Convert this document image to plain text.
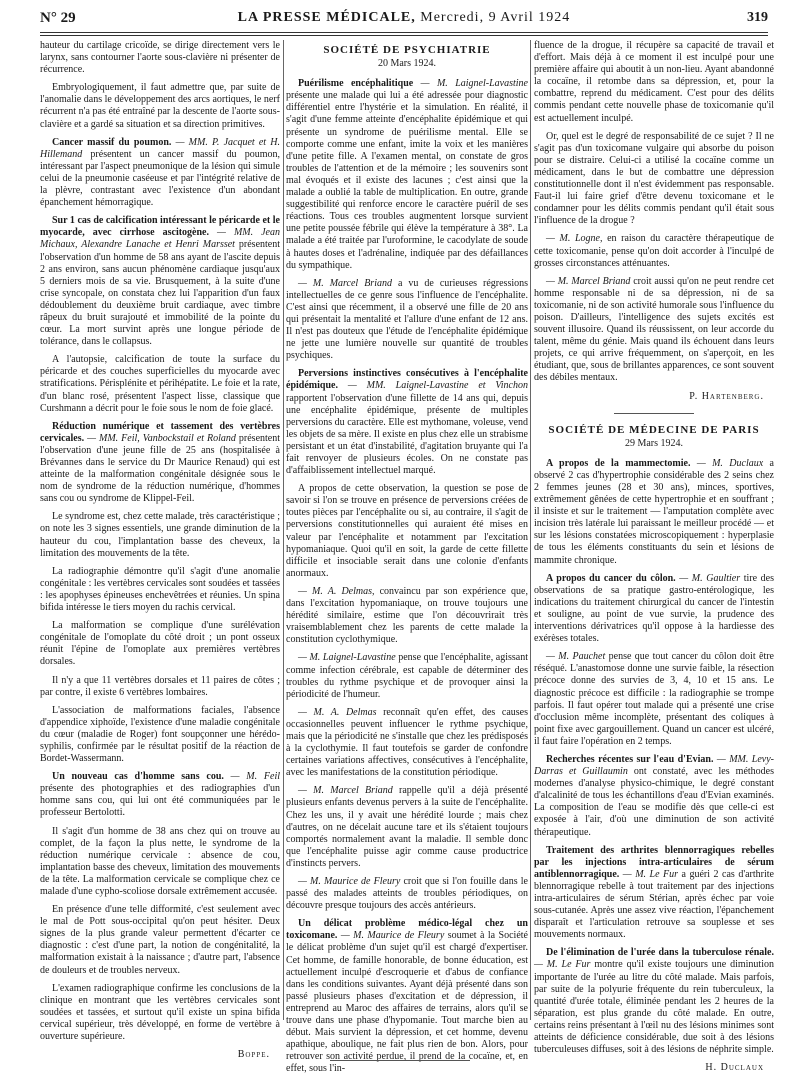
N° 29	LA PRESSE MÉDICALE, Mercredi, 9 Avril 1924	319

hauteur du cartilage cricoïde, se dirige directement vers le larynx, sans contourner l'aorte sous-clavière ni présenter de récurrence.

Embryologiquement, il faut admettre que, par suite de l'anomalie dans le développement des arcs aortiques, le nerf récurrent n'a pas été entraîné par la descente de l'aorte sous-clavière et a gardé sa situation et sa direction primitives.

Cancer massif du poumon. — MM. P. Jacquet et H. Hillemand présentent un cancer massif du poumon, intéressant par l'aspect pneumonique de la lésion qui simule celui de la pneumonie caséeuse et par l'intégrité relative de la plèvre, contrastant avec l'existence d'un abondant épanchement hémorragique.

Sur 1 cas de calcification intéressant le péricarde et le myocarde, avec cirrhose ascitogène. — MM. Jean Michaux, Alexandre Lanache et Henri Marsset présentent l'observation d'un homme de 58 ans ayant de l'ascite depuis 2 ans environ, sans aucun phénomène cardiaque jusqu'aux 5 derniers mois de sa vie. Brusquement, à la suite d'une crise syncopale, on constata chez lui l'apparition d'un faux dédoublement du deuxième bruit cardiaque, avec timbre râpeux du bruit surajouté et immobilité de la pointe du cœur. La mort survint après une longue période de tolérance, dans le collapsus.

A l'autopsie, calcification de toute la surface du péricarde et des couches superficielles du myocarde avec stratifications. Périsplénite et périhépatite. Le foie et la rate, d'un blanc rosé, présentent l'aspect lisse, classique que Curshmann a décrit pour le foie sous le nom de foie glacé.

Réduction numérique et tassement des vertèbres cervicales. — MM. Feil, Vanbockstail et Roland présentent l'observation d'une jeune fille de 25 ans (hospitalisée à Brévannes dans le service du Dr Maurice Renaud) qui est atteinte de la malformation congénitale désignée sous le nom de syndrome de la réduction numérique, d'hommes sans cou ou syndrome de Klippel-Feil.

Le syndrome est, chez cette malade, très caractéristique ; on note les 3 signes essentiels, une grande diminution de la hauteur du cou, l'implantation basse des cheveux, la limitation des mouvements de la tête.

La radiographie démontre qu'il s'agit d'une anomalie congénitale : les vertèbres cervicales sont soudées et tassées : les apophyses épineuses enchevêtrées et réunies. Un spina bifida intéresse le tiers moyen du rachis cervical.

La malformation se complique d'une surélévation congénitale de l'omoplate du côté droit ; un pont osseux réunit l'épine de l'omoplate aux premières vertèbres dorsales.

Il n'y a que 11 vertèbres dorsales et 11 paires de côtes ; par contre, il existe 6 vertèbres lombaires.

L'association de malformations faciales, l'absence d'appendice xiphoïde, l'existence d'une maladie congénitale du cœur (maladie de Roger) font soupçonner une hérédo-syphilis, confirmée par le résultat positif de la réaction de Bordet-Wassermann.

Un nouveau cas d'homme sans cou. — M. Feil présente des photographies et des radiographies d'un homme sans cou, qui lui ont été communiquées par le professeur Bertolotti.

Il s'agit d'un homme de 38 ans chez qui on trouve au complet, de la façon la plus nette, le syndrome de la réduction numérique cervicale : absence de cou, implantation basse des cheveux, limitation des mouvements de la tête. La malformation cervicale se complique chez ce malade d'une cypho-scoliose dorsale extrêmement accusée.

En présence d'une telle difformité, c'est seulement avec le mal de Pott sous-occipital qu'on peut hésiter. Deux signes de la plus grande valeur permettent d'écarter ce diagnostic : c'est d'une part, la notion de congénitalité, la malformation existait à la naissance ; d'autre part, l'absence de douleurs et de troubles nerveux.

L'examen radiographique confirme les conclusions de la clinique en montrant que les vertèbres cervicales sont soudées et tassées, et surtout qu'il existe un spina bifida cervical supérieur, très développé, en forme de vertèbre à ouverture supérieure.

Boppe.
SOCIÉTÉ DE PSYCHIATRIE
20 Mars 1924.

Puérilisme encéphalitique — M. Laignel-Lavastine présente une malade qui lui a été adressée pour diagnostic différentiel entre l'hystérie et la simulation. En réalité, il s'agit d'une femme atteinte d'encéphalite épidémique et qui présente un syndrome de puérilisme mental. Elle se comporte comme une enfant, imite la voix et les manières d'une petite fille. A l'examen mental, on constate de gros troubles de l'attention et de la mémoire ; les souvenirs sont mal évoqués et il existe des lacunes ; c'est ainsi que la malade a oublié la table de multiplication. En outre, grande suggestibilité qui renforce encore le caractère puéril de ses réactions. Tous ces troubles augmentent lorsque survient une petite poussée fébrile qui élève la température à 38°. La malade a été traitée par l'uroformine, le cacodylate de soude à hautes doses et l'adrénaline, indiquée par des défaillances du sympathique.

— M. Marcel Briand a vu de curieuses régressions intellectuelles de ce genre sous l'influence de l'encéphalite. C'est ainsi que récemment, il a observé une fille de 20 ans qui présentait la mentalité et l'allure d'une enfant de 12 ans. Il n'est pas douteux que l'étude de l'encéphalite épidémique ne jette une lumière nouvelle sur quantité de troubles psychiques.

Perversions instinctives consécutives à l'encéphalite épidémique. — MM. Laignel-Lavastine et Vinchon rapportent l'observation d'une fillette de 14 ans qui, depuis une encéphalite épidémique, présente de multiples perversions du caractère. Elle est mythomane, voleuse, vend les objets de sa mère. Il existe en plus chez elle un strabisme persistant et un état d'instabilité, d'agitation bruyante qui l'a fait renvoyer de plusieurs écoles. On ne constate pas d'affaiblissement intellectuel marqué.

A propos de cette observation, la question se pose de savoir si l'on se trouve en présence de perversions créées de toutes pièces par l'encéphalite ou si, au contraire, il s'agit de perversions constitutionnelles qui auraient été mises en valeur par l'encéphalite et notamment par l'excitation hypomaniaque. Quoi qu'il en soit, la garde de cette fillette difficile et insociable serait dans une colonie d'enfants anormaux.

— M. A. Delmas, convaincu par son expérience que, dans l'excitation hypomaniaque, on trouve toujours une hérédité similaire, estime que l'on découvrirait très vraisemblablement chez les parents de cette malade la constitution cyclothymique.

— M. Laignel-Lavastine pense que l'encéphalite, agissant comme infection cérébrale, est capable de déterminer des troubles du rythme psychique et de provoquer ainsi la périodicité de l'humeur.

— M. A. Delmas reconnaît qu'en effet, des causes occasionnelles peuvent influencer le rythme psychique, mais que la périodicité ne s'installe que chez les prédisposés à la cyclothymie. Il faut toutefois se garder de confondre certaines variations affectives, consécutives à l'encéphalite, avec les manifestations de la constitution périodique.

— M. Marcel Briand rappelle qu'il a déjà présenté plusieurs enfants devenus pervers à la suite de l'encéphalite. Chez les uns, il y avait une hérédité lourde ; mais chez d'autres, on ne décelait aucune tare et ils s'étaient toujours comportés normalement avant la maladie. Il semble donc que l'encéphalite puisse agir comme cause productrice d'instincts pervers.

— M. Maurice de Fleury croit que si l'on fouille dans le passé des malades atteints de troubles périodiques, on découvre presque toujours des accès antérieurs.

Un délicat problème médico-légal chez un toxicomane. — M. Maurice de Fleury soumet à la Société le délicat problème d'un sujet qu'il est chargé d'expertiser. Cet homme, de famille honorable, de bonne éducation, est actuellement inculpé d'escroquerie et d'abus de confiance dans les conditions suivantes. Ayant déjà présenté dans son passé plusieurs phases d'excitation et de dépression, il entreprend au Maroc des affaires de terrains, alors qu'il se trouve dans une phase d'hypomanie. Tout marche bien au début. Mais survient la dépression, et cet homme, devenu apathique, aboulique, ne fait plus rien de bon. Alors, pour retrouver son activité perdue, il prend de la cocaïne, et, en effet, sous l'in-

fluence de la drogue, il récupère sa capacité de travail et d'effort. Mais déjà à ce moment il est inculpé pour une première affaire qui aboutit à un non-lieu. Ayant abandonné la cocaïne, il retombe dans sa dépression, et, pour la combattre, reprend du médicament. C'est pour des délits commis pendant cette nouvelle phase de toxicomanie qu'il est actuellement inculpé.

Or, quel est le degré de responsabilité de ce sujet ? Il ne s'agit pas d'un toxicomane vulgaire qui absorbe du poison pour se distraire. Celui-ci a utilisé la cocaïne comme un médicament, dans le but de combattre une dépression constitutionnelle dont il n'est évidemment pas responsable. Faut-il lui faire grief d'être devenu toxicomane et le condamner pour les délits commis pendant qu'il était sous l'influence de la drogue ?

— M. Logne, en raison du caractère thérapeutique de cette toxicomanie, pense qu'on doit accorder à l'inculpé de grosses circonstances atténuantes.

— M. Marcel Briand croit aussi qu'on ne peut rendre cet homme responsable ni de sa dépression, ni de sa toxicomanie, ni de son activité humorale sous l'influence du poison. D'ailleurs, l'intelligence des sujets excités est souvent illusoire. Quand ils réussissent, on leur accorde du talent, même du génie. Mais quand ils échouent dans leurs projets, ce qui arrive fréquemment, on s'aperçoit, en les étudiant, que, sous de brillantes apparences, ce sont souvent des débiles mentaux.

P. Hartenberg.
SOCIÉTÉ DE MÉDECINE DE PARIS
29 Mars 1924.

A propos de la mammectomie. — M. Duclaux a observé 2 cas d'hypertrophie considérable des 2 seins chez 2 femmes jeunes (28 et 30 ans), minces, sportives, extrêmement gênées de cette hypertrophie et en souffrant ; il insiste et sur le traitement — l'amputation complète avec incision très latérale lui paraissant le meilleur procédé — et sur les lésions constatées microscopiquement : hyperplasie de tous les éléments constituants du sein et lésions de mammite chronique.

A propos du cancer du côlon. — M. Gaultier tire des observations de sa pratique gastro-entérologique, les indications du traitement chirurgical du cancer de l'intestin et souligne, au point de vue survie, la prudence des interventions dérivatrices qu'il oppose à la hardiesse des exérèses totales.

— M. Pauchet pense que tout cancer du côlon doit être réséqué. L'anastomose donne une survie faible, la résection précoce donne des survies de 3, 4, 10 et 15 ans. Le diagnostic précoce est difficile : la radiographie se trompe parfois. Il faut opérer tout malade qui a présenté une crise d'occlusion même incomplète, présentant des coliques à point fixe avec gargouillement. Quand un cancer est ulcéré, il faut faire l'opération en 2 temps.

Recherches récentes sur l'eau d'Evian. — MM. Levy-Darras et Guillaumin ont constaté, avec les méthodes modernes d'analyse physico-chimique, le degré constant d'alcalinité de tous les échantillons d'eau d'Evian examinés. La composition de l'eau se modifie dès que celle-ci est exposée à l'air, d'où une diminution de son activité thérapeutique.

Traitement des arthrites blennorragiques rebelles par les injections intra-articulaires de sérum antiblennorragique. — M. Le Fur a guéri 2 cas d'arthrite blennorragique rebelle à tout traitement par des injections intra-articulaires de sérum Stérian, après échec par voie sous-cutanée. Après une assez vive réaction, l'épanchement disparaît et l'articulation retrouve sa souplesse et ses mouvements normaux.

De l'élimination de l'urée dans la tuberculose rénale. — M. Le Fur montre qu'il existe toujours une diminution importante de l'urée au litre du côté malade. Mais parfois, par suite de la polyurie fréquente du rein tuberculeux, la quantité d'urée totale, éliminée pendant les 2 heures de la séparation, est plus grande du côté malade. En outre, certains reins présentant à l'œil nu des lésions minimes sont atteints de déficience considérable, due soit à des lésions tuberculeuses diffuses, soit à des lésions de néphrite simple.

H. Duclaux
